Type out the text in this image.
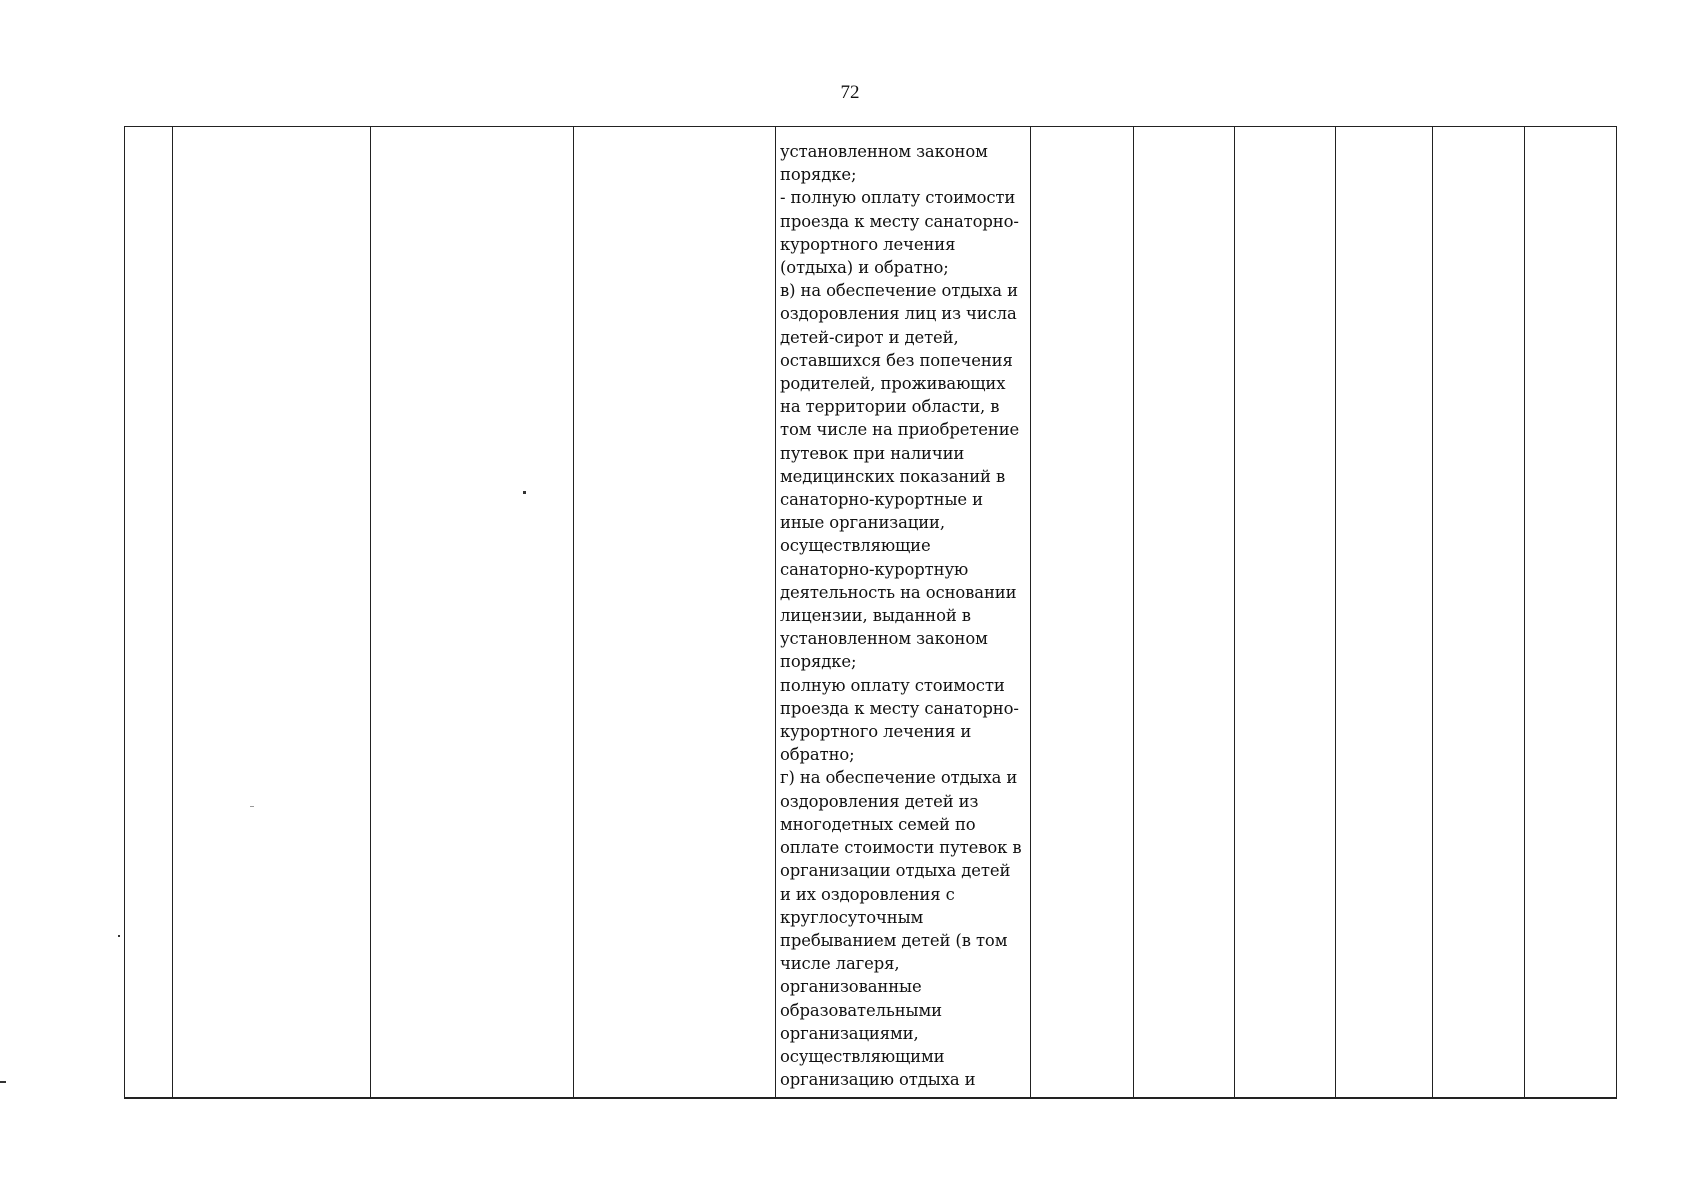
72
установленном законом
порядке;
- полную оплату стоимости
проезда к месту санаторно-
курортного лечения
(отдыха) и обратно;
в) на обеспечение отдыха и
оздоровления лиц из числа
детей-сирот и детей,
оставшихся без попечения
родителей, проживающих
на территории области, в
том числе на приобретение
путевок при наличии
медицинских показаний в
санаторно-курортные и
иные организации,
осуществляющие
санаторно-курортную
деятельность на основании
лицензии, выданной в
установленном законом
порядке;
полную оплату стоимости
проезда к месту санаторно-
курортного лечения и
обратно;
г) на обеспечение отдыха и
оздоровления детей из
многодетных семей по
оплате стоимости путевок в
организации отдыха детей
и их оздоровления с
круглосуточным
пребыванием детей (в том
числе лагеря,
организованные
образовательными
организациями,
осуществляющими
организацию отдыха и
